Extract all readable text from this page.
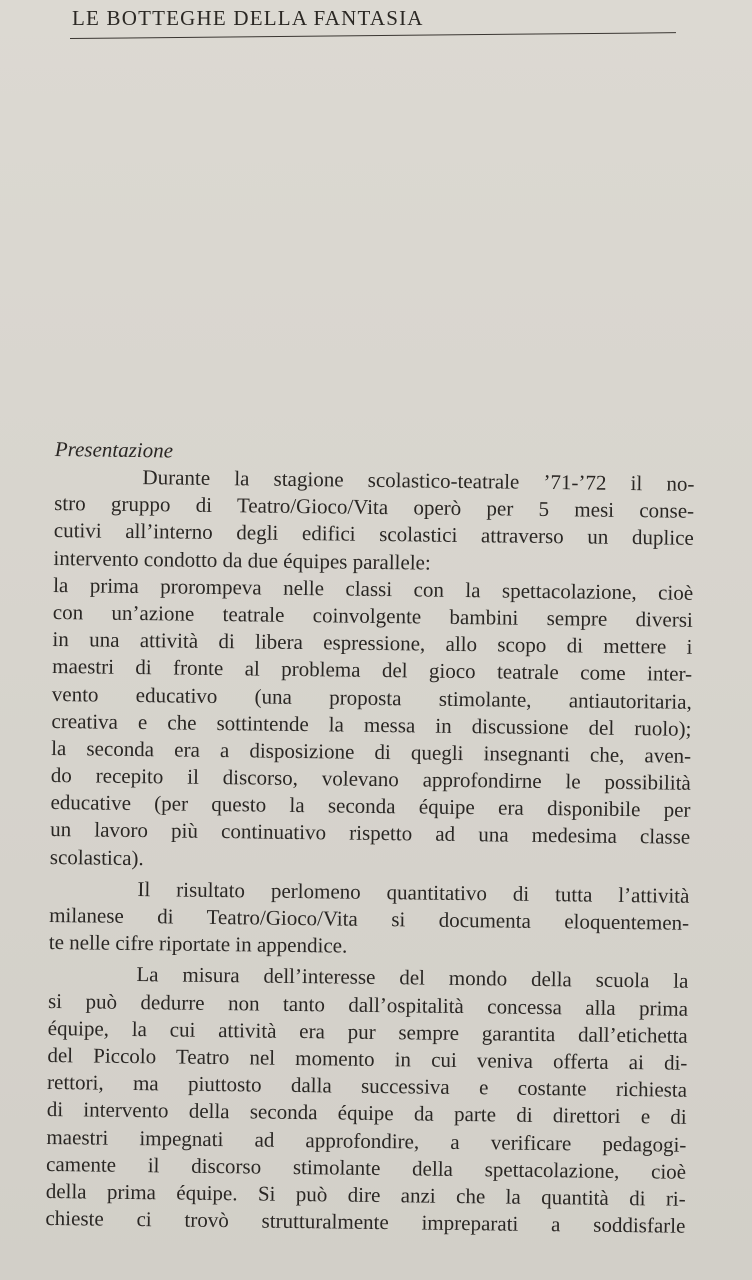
LE BOTTEGHE DELLA FANTASIA
Presentazione

Durante la stagione scolastico-teatrale ’71-’72 il no-
stro gruppo di Teatro/Gioco/Vita operò per 5 mesi conse-
cutivi all’interno degli edifici scolastici attraverso un duplice
intervento condotto da due équipes parallele:

la prima prorompeva nelle classi con la spettacolazione, cioè
con un’azione teatrale coinvolgente bambini sempre diversi
in una attività di libera espressione, allo scopo di mettere i
maestri di fronte al problema del gioco teatrale come inter-
vento educativo (una proposta stimolante, antiautoritaria,
creativa e che sottintende la messa in discussione del ruolo);
la seconda era a disposizione di quegli insegnanti che, aven-
do recepito il discorso, volevano approfondirne le possibilità
educative (per questo la seconda équipe era disponibile per
un lavoro più continuativo rispetto ad una medesima classe
scolastica).

Il risultato perlomeno quantitativo di tutta l’attività
milanese di Teatro/Gioco/Vita si documenta eloquentemen-
te nelle cifre riportate in appendice.

La misura dell’interesse del mondo della scuola la
si può dedurre non tanto dall’ospitalità concessa alla prima
équipe, la cui attività era pur sempre garantita dall’etichetta
del Piccolo Teatro nel momento in cui veniva offerta ai di-
rettori, ma piuttosto dalla successiva e costante richiesta
di intervento della seconda équipe da parte di direttori e di
maestri impegnati ad approfondire, a verificare pedagogi-
camente il discorso stimolante della spettacolazione, cioè
della prima équipe. Si può dire anzi che la quantità di ri-
chieste ci trovò strutturalmente impreparati a soddisfarle
